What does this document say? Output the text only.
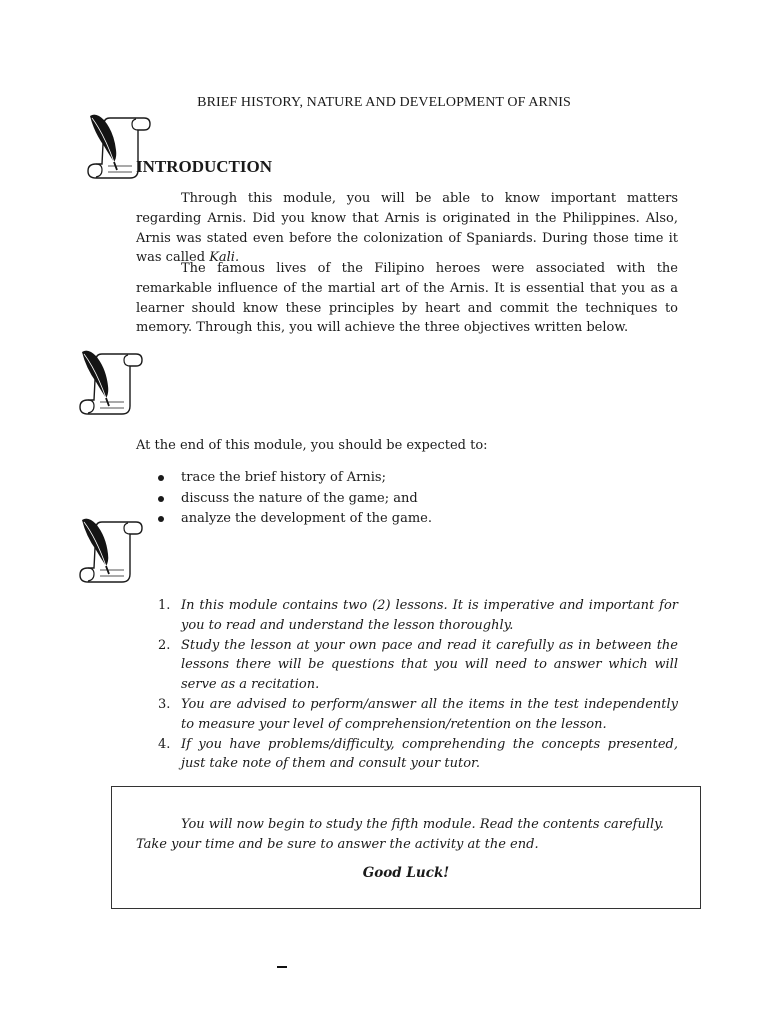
BRIEF HISTORY, NATURE AND DEVELOPMENT OF ARNIS
INTRODUCTION
Through this module, you will be able to know important matters regarding Arnis. Did you know that Arnis is originated in the Philippines. Also, Arnis was stated even before the colonization of Spaniards. During those time it was called Kali.
The famous lives of the Filipino heroes were associated with the remarkable influence of the martial art of the Arnis. It is essential that you as a learner should know these principles by heart and commit the techniques to memory. Through this, you will achieve the three objectives written below.
At the end of this module, you should be expected to:
trace the brief history of Arnis;
discuss the nature of the game; and
analyze the development of the game.
1. In this module contains two (2) lessons. It is imperative and important for you to read and understand the lesson thoroughly.
2. Study the lesson at your own pace and read it carefully as in between the lessons there will be questions that you will need to answer which will serve as a recitation.
3. You are advised to perform/answer all the items in the test independently to measure your level of comprehension/retention on the lesson.
4. If you have problems/difficulty, comprehending the concepts presented, just take note of them and consult your tutor.
You will now begin to study the fifth module. Read the contents carefully. Take your time and be sure to answer the activity at the end.
Good Luck!
